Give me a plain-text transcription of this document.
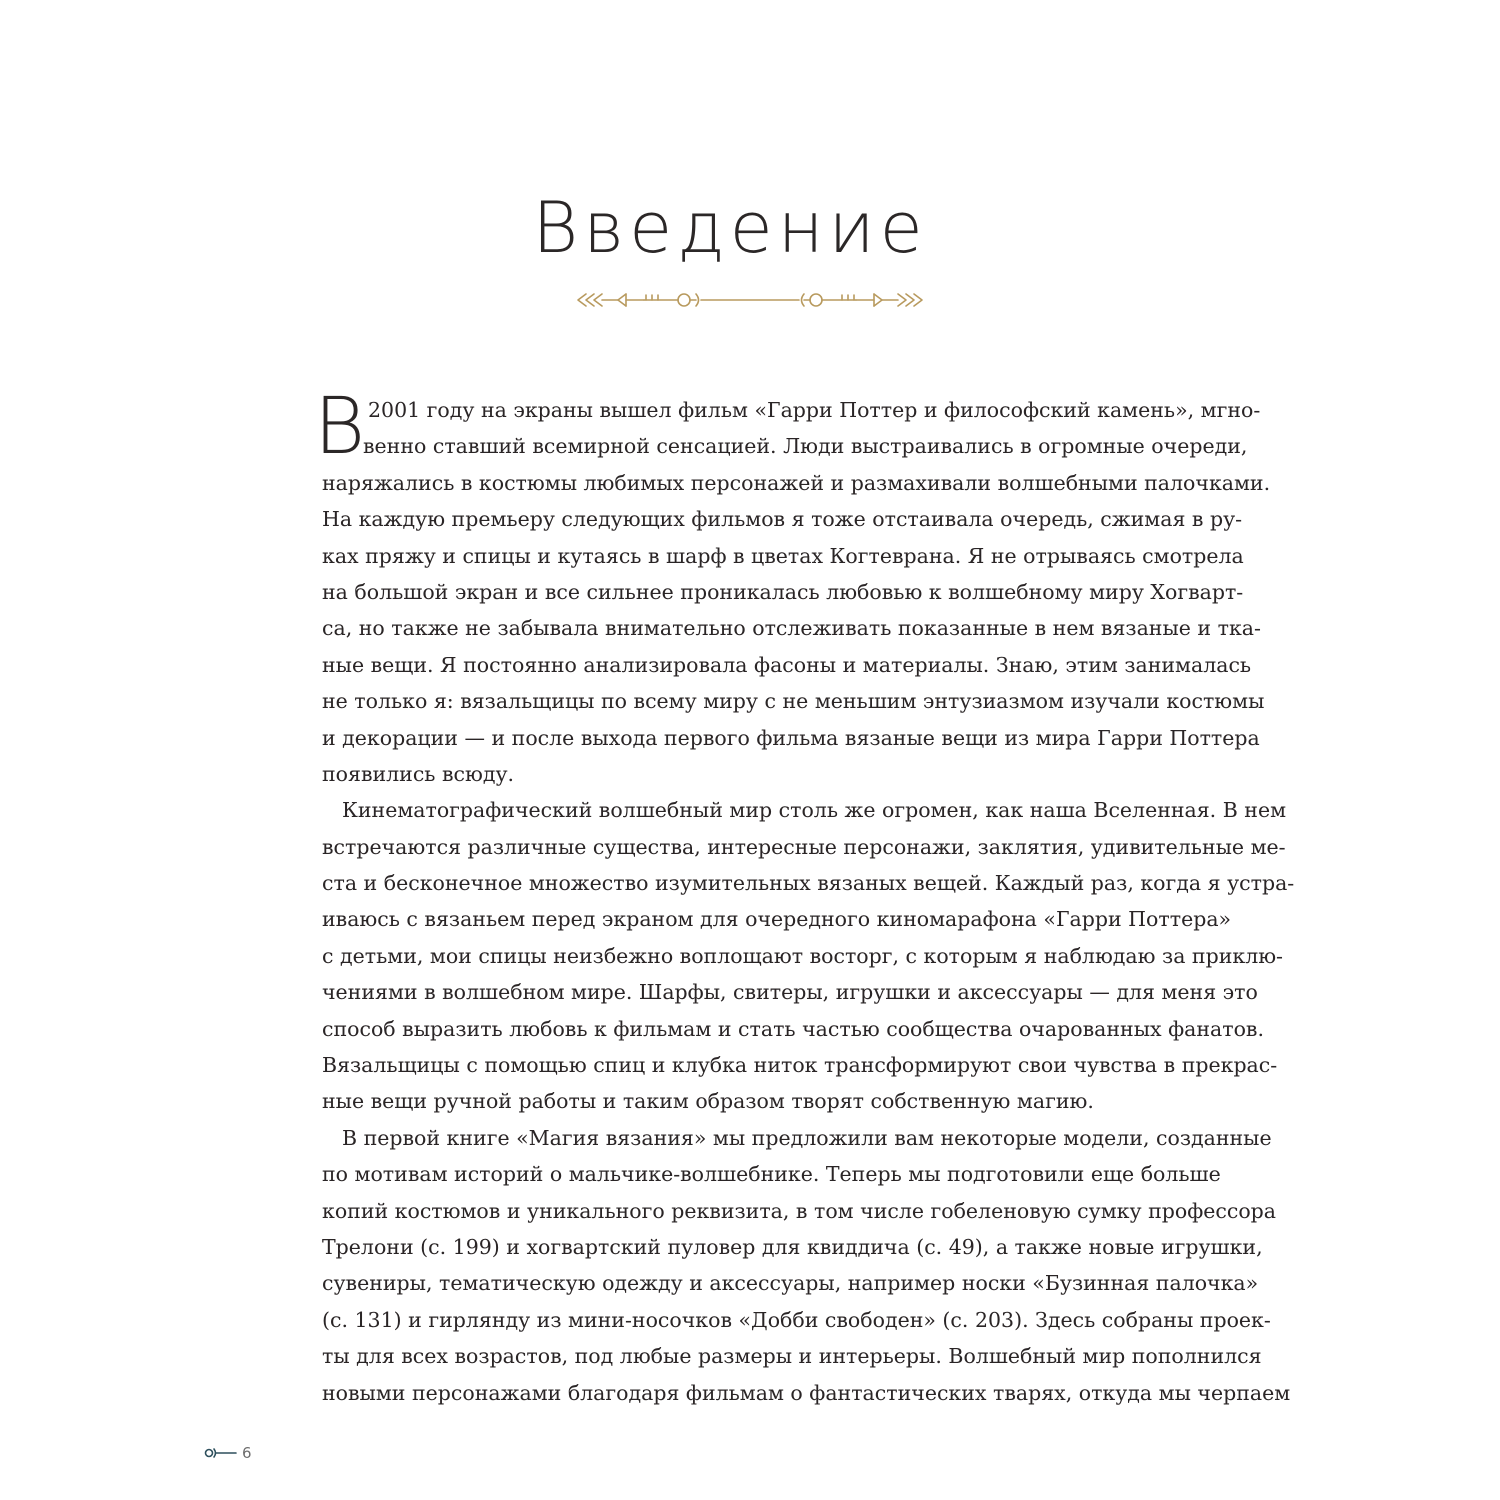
Введение
В 2001 году на экраны вышел фильм «Гарри Поттер и философский камень», мгно-
венно ставший всемирной сенсацией. Люди выстраивались в огромные очереди,
наряжались в костюмы любимых персонажей и размахивали волшебными палочками.
На каждую премьеру следующих фильмов я тоже отстаивала очередь, сжимая в ру-
ках пряжу и спицы и кутаясь в шарф в цветах Когтеврана. Я не отрываясь смотрела
на большой экран и все сильнее проникалась любовью к волшебному миру Хогварт-
са, но также не забывала внимательно отслеживать показанные в нем вязаные и тка-
ные вещи. Я постоянно анализировала фасоны и материалы. Знаю, этим занималась
не только я: вязальщицы по всему миру с не меньшим энтузиазмом изучали костюмы
и декорации — и после выхода первого фильма вязаные вещи из мира Гарри Поттера
появились всюду.
Кинематографический волшебный мир столь же огромен, как наша Вселенная. В нем
встречаются различные существа, интересные персонажи, заклятия, удивительные ме-
ста и бесконечное множество изумительных вязаных вещей. Каждый раз, когда я устра-
иваюсь с вязаньем перед экраном для очередного киномарафона «Гарри Поттера»
с детьми, мои спицы неизбежно воплощают восторг, с которым я наблюдаю за приклю-
чениями в волшебном мире. Шарфы, свитеры, игрушки и аксессуары — для меня это
способ выразить любовь к фильмам и стать частью сообщества очарованных фанатов.
Вязальщицы с помощью спиц и клубка ниток трансформируют свои чувства в прекрас-
ные вещи ручной работы и таким образом творят собственную магию.
В первой книге «Магия вязания» мы предложили вам некоторые модели, созданные
по мотивам историй о мальчике-волшебнике. Теперь мы подготовили еще больше
копий костюмов и уникального реквизита, в том числе гобеленовую сумку профессора
Трелони (с. 199) и хогвартский пуловер для квиддича (с. 49), а также новые игрушки,
сувениры, тематическую одежду и аксессуары, например носки «Бузинная палочка»
(с. 131) и гирлянду из мини-носочков «Добби свободен» (с. 203). Здесь собраны проек-
ты для всех возрастов, под любые размеры и интерьеры. Волшебный мир пополнился
новыми персонажами благодаря фильмам о фантастических тварях, откуда мы черпаем
6
